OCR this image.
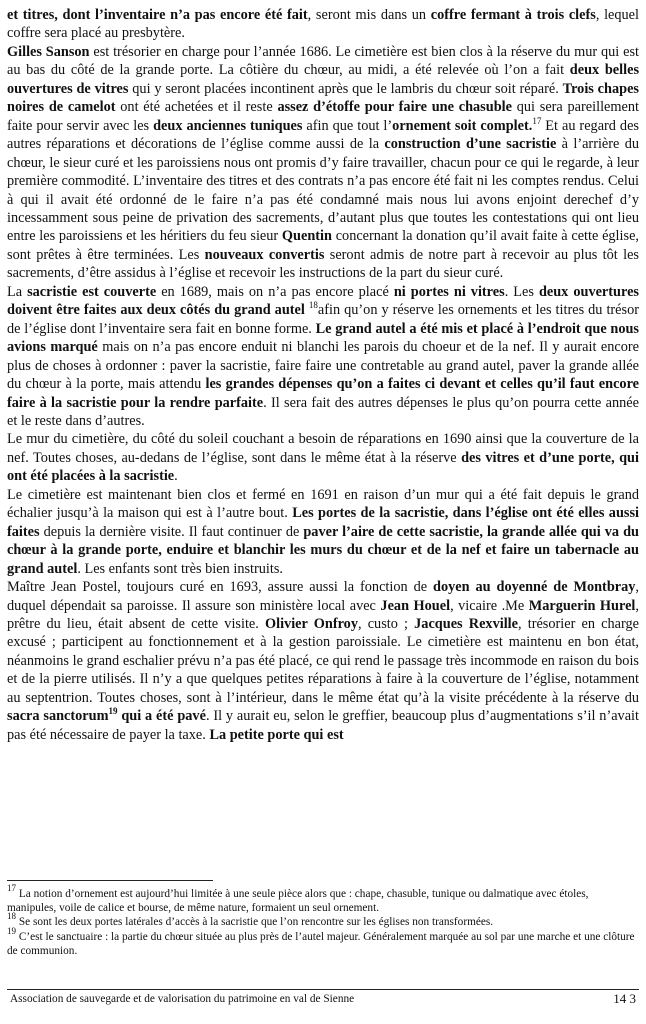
et titres, dont l’inventaire n’a pas encore été fait, seront mis dans un coffre fermant à trois clefs, lequel coffre sera placé au presbytère.

Gilles Sanson est trésorier en charge pour l’année 1686. Le cimetière est bien clos à la réserve du mur qui est au bas du côté de la grande porte. La côtière du chœur, au midi, a été relevée où l’on a fait deux belles ouvertures de vitres qui y seront placées incontinent après que le lambris du chœur soit réparé. Trois chapes noires de camelot ont été achetées et il reste assez d’étoffe pour faire une chasuble qui sera pareillement faite pour servir avec les deux anciennes tuniques afin que tout l’ornement soit complet.$^{17}$ Et au regard des autres réparations et décorations de l’église comme aussi de la construction d’une sacristie à l’arrière du chœur, le sieur curé et les paroissiens nous ont promis d’y faire travailler, chacun pour ce qui le regarde, à leur première commodité. L’inventaire des titres et des contrats n’a pas encore été fait ni les comptes rendus. Celui à qui il avait été ordonné de le faire n’a pas été condamné mais nous lui avons enjoint derechef d’y incessamment sous peine de privation des sacrements, d’autant plus que toutes les contestations qui ont lieu entre les paroissiens et les héritiers du feu sieur Quentin concernant la donation qu’il avait faite à cette église, sont prêtes à être terminées. Les nouveaux convertis seront admis de notre part à recevoir au plus tôt les sacrements, d’être assidus à l’église et recevoir les instructions de la part du sieur curé.

La sacristie est couverte en 1689, mais on n’a pas encore placé ni portes ni vitres. Les deux ouvertures doivent être faites aux deux côtés du grand autel $^{18}$afin qu’on y réserve les ornements et les titres du trésor de l’église dont l’inventaire sera fait en bonne forme. Le grand autel a été mis et placé à l’endroit que nous avions marqué mais on n’a pas encore enduit ni blanchi les parois du choeur et de la nef. Il y aurait encore plus de choses à ordonner : paver la sacristie, faire faire une contretable au grand autel, paver la grande allée du chœur à la porte, mais attendu les grandes dépenses qu’on a faites ci devant et celles qu’il faut encore faire à la sacristie pour la rendre parfaite. Il sera fait des autres dépenses le plus qu’on pourra cette année et le reste dans d’autres.

Le mur du cimetière, du côté du soleil couchant a besoin de réparations en 1690 ainsi que la couverture de la nef. Toutes choses, au-dedans de l’église, sont dans le même état à la réserve des vitres et d’une porte, qui ont été placées à la sacristie.

Le cimetière est maintenant bien clos et fermé en 1691 en raison d’un mur qui a été fait depuis le grand échalier jusqu’à la maison qui est à l’autre bout. Les portes de la sacristie, dans l’église ont été elles aussi faites depuis la dernière visite. Il faut continuer de paver l’aire de cette sacristie, la grande allée qui va du chœur à la grande porte, enduire et blanchir les murs du chœur et de la nef et faire un tabernacle au grand autel. Les enfants sont très bien instruits.

Maître Jean Postel, toujours curé en 1693, assure aussi la fonction de doyen au doyenné de Montbray, duquel dépendait sa paroisse. Il assure son ministère local avec Jean Houel, vicaire .Me Marguerin Hurel, prêtre du lieu, était absent de cette visite. Olivier Onfroy, custo ; Jacques Rexville, trésorier en charge excusé ; participent au fonctionnement et à la gestion paroissiale. Le cimetière est maintenu en bon état, néanmoins le grand eschalier prévu n’a pas été placé, ce qui rend le passage très incommode en raison du bois et de la pierre utilisés. Il n’y a que quelques petites réparations à faire à la couverture de l’église, notamment au septentrion. Toutes choses, sont à l’intérieur, dans le même état qu’à la visite précédente à la réserve du sacra sanctorum$^{19}$ qui a été pavé. Il y aurait eu, selon le greffier, beaucoup plus d’augmentations s’il n’avait pas été nécessaire de payer la taxe. La petite porte qui est

$^{17}$ La notion d’ornement est aujourd’hui limitée à une seule pièce alors que : chape, chasuble, tunique ou dalmatique avec étoles, manipules, voile de calice et bourse, de même nature, formaient un seul ornement.

$^{18}$ Se sont les deux portes latérales d’accès à la sacristie que l’on rencontre sur les églises non transformées.

$^{19}$ C’est le sanctuaire : la partie du chœur située au plus près de l’autel majeur. Généralement marquée au sol par une marche et une clôture de communion.

Association de sauvegarde et de valorisation du patrimoine en val de Sienne	14 3
